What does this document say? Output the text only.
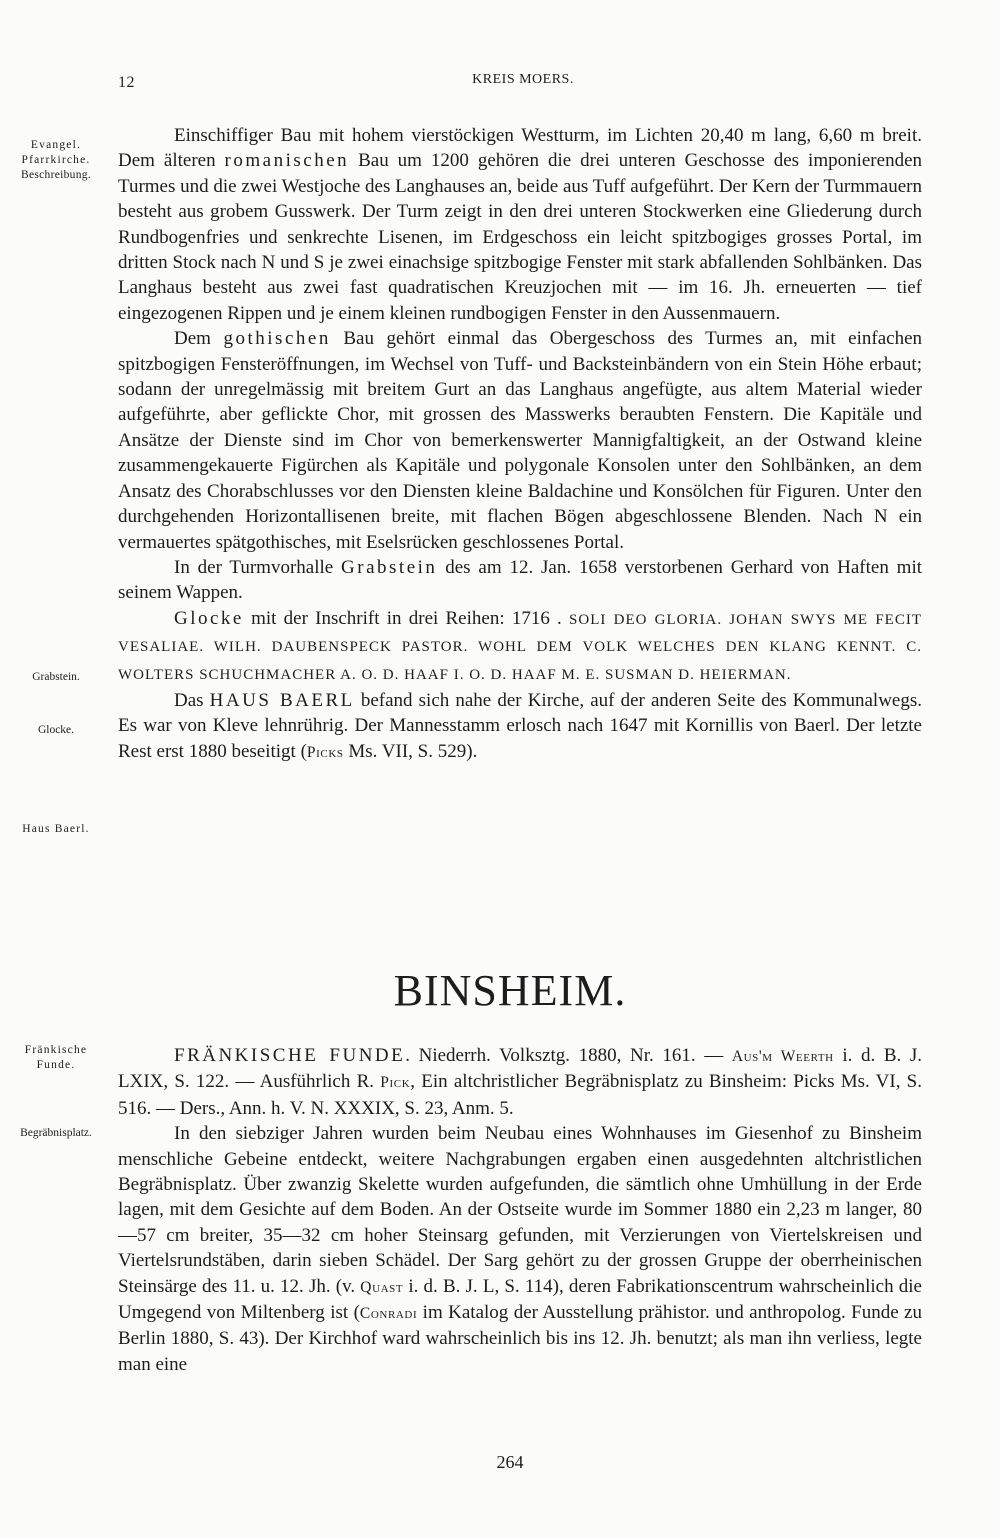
12	KREIS MOERS.
Evangel.
Pfarrkirche.
Beschreibung.
Grabstein.
Glocke.
Haus Baerl.
Fränkische
Funde.
Begräbnisplatz.

Einschiffiger Bau mit hohem vierstöckigen Westturm, im Lichten 20,40 m lang, 6,60 m breit. Dem älteren romanischen Bau um 1200 gehören die drei unteren Geschosse des imponierenden Turmes und die zwei Westjoche des Langhauses an, beide aus Tuff aufgeführt. Der Kern der Turmmauern besteht aus grobem Gusswerk. Der Turm zeigt in den drei unteren Stockwerken eine Gliederung durch Rundbogenfries und senkrechte Lisenen, im Erdgeschoss ein leicht spitzbogiges grosses Portal, im dritten Stock nach N und S je zwei einachsige spitzbogige Fenster mit stark abfallenden Sohlbänken. Das Langhaus besteht aus zwei fast quadratischen Kreuzjochen mit — im 16. Jh. erneuerten — tief eingezogenen Rippen und je einem kleinen rundbogigen Fenster in den Aussenmauern.

Dem gothischen Bau gehört einmal das Obergeschoss des Turmes an, mit einfachen spitzbogigen Fensteröffnungen, im Wechsel von Tuff- und Backsteinbändern von ein Stein Höhe erbaut; sodann der unregelmässig mit breitem Gurt an das Langhaus angefügte, aus altem Material wieder aufgeführte, aber geflickte Chor, mit grossen des Masswerks beraubten Fenstern. Die Kapitäle und Ansätze der Dienste sind im Chor von bemerkenswerter Mannigfaltigkeit, an der Ostwand kleine zusammengekauerte Figürchen als Kapitäle und polygonale Konsolen unter den Sohlbänken, an dem Ansatz des Chorabschlusses vor den Diensten kleine Baldachine und Konsölchen für Figuren. Unter den durchgehenden Horizontallisenen breite, mit flachen Bögen abgeschlossene Blenden. Nach N ein vermauertes spätgothisches, mit Eselsrücken geschlossenes Portal.

In der Turmvorhalle Grabstein des am 12. Jan. 1658 verstorbenen Gerhard von Haften mit seinem Wappen.

Glocke mit der Inschrift in drei Reihen: 1716 . SOLI DEO GLORIA. JOHAN SWYS ME FECIT VESALIAE. WILH. DAUBENSPECK PASTOR. WOHL DEM VOLK WELCHES DEN KLANG KENNT. C. WOLTERS SCHUCHMACHER A. O. D. HAAF I. O. D. HAAF M. E. SUSMAN D. HEIERMAN.

Das HAUS BAERL befand sich nahe der Kirche, auf der anderen Seite des Kommunalwegs. Es war von Kleve lehnrührig. Der Mannesstamm erlosch nach 1647 mit Kornillis von Baerl. Der letzte Rest erst 1880 beseitigt (Picks Ms. VII, S. 529).

BINSHEIM.

FRÄNKISCHE FUNDE. Niederrh. Volksztg. 1880, Nr. 161. — Aus'm Weerth i. d. B. J. LXIX, S. 122. — Ausführlich R. Pick, Ein altchristlicher Begräbnisplatz zu Binsheim: Picks Ms. VI, S. 516. — Ders., Ann. h. V. N. XXXIX, S. 23, Anm. 5.

In den siebziger Jahren wurden beim Neubau eines Wohnhauses im Giesenhof zu Binsheim menschliche Gebeine entdeckt, weitere Nachgrabungen ergaben einen ausgedehnten altchristlichen Begräbnisplatz. Über zwanzig Skelette wurden aufgefunden, die sämtlich ohne Umhüllung in der Erde lagen, mit dem Gesichte auf dem Boden. An der Ostseite wurde im Sommer 1880 ein 2,23 m langer, 80—57 cm breiter, 35—32 cm hoher Steinsarg gefunden, mit Verzierungen von Viertelskreisen und Viertelsrundstäben, darin sieben Schädel. Der Sarg gehört zu der grossen Gruppe der oberrheinischen Steinsärge des 11. u. 12. Jh. (v. Quast i. d. B. J. L, S. 114), deren Fabrikationscentrum wahrscheinlich die Umgegend von Miltenberg ist (Conradi im Katalog der Ausstellung prähistor. und anthropolog. Funde zu Berlin 1880, S. 43). Der Kirchhof ward wahrscheinlich bis ins 12. Jh. benutzt; als man ihn verliess, legte man eine

264
